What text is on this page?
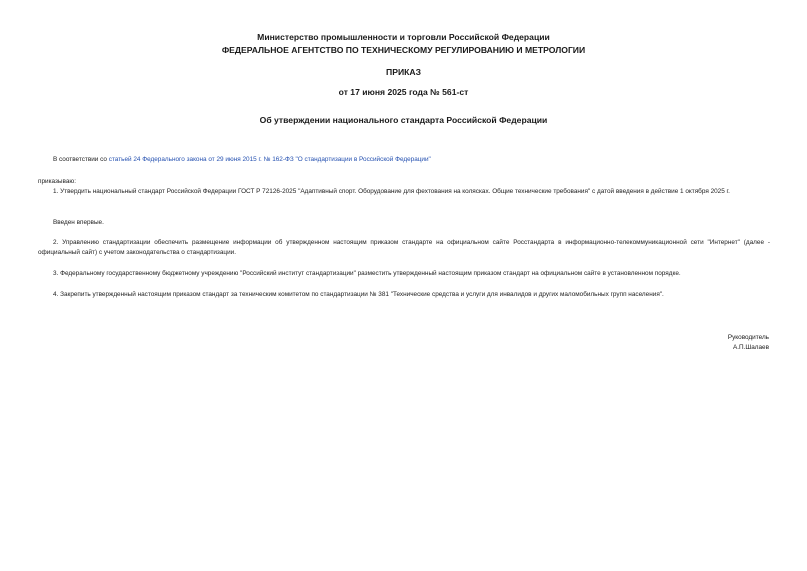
Министерство промышленности и торговли Российской Федерации
ФЕДЕРАЛЬНОЕ АГЕНТСТВО ПО ТЕХНИЧЕСКОМУ РЕГУЛИРОВАНИЮ И МЕТРОЛОГИИ
ПРИКАЗ
от 17 июня 2025 года № 561-ст
Об утверждении национального стандарта Российской Федерации
В соответствии со статьей 24 Федерального закона от 29 июня 2015 г. № 162-ФЗ "О стандартизации в Российской Федерации"
приказываю:
1. Утвердить национальный стандарт Российской Федерации ГОСТ Р 72126-2025 "Адаптивный спорт. Оборудование для фехтования на колясках. Общие технические требования" с датой введения в действие 1 октября 2025 г.
Введен впервые.
2. Управлению стандартизации обеспечить размещение информации об утвержденном настоящим приказом стандарте на официальном сайте Росстандарта в информационно-телекоммуникационной сети "Интернет" (далее - официальный сайт) с учетом законодательства о стандартизации.
3. Федеральному государственному бюджетному учреждению "Российский институт стандартизации" разместить утвержденный настоящим приказом стандарт на официальном сайте в установленном порядке.
4. Закрепить утвержденный настоящим приказом стандарт за техническим комитетом по стандартизации № 381 "Технические средства и услуги для инвалидов и других маломобильных групп населения".
Руководитель
А.П.Шалаев
